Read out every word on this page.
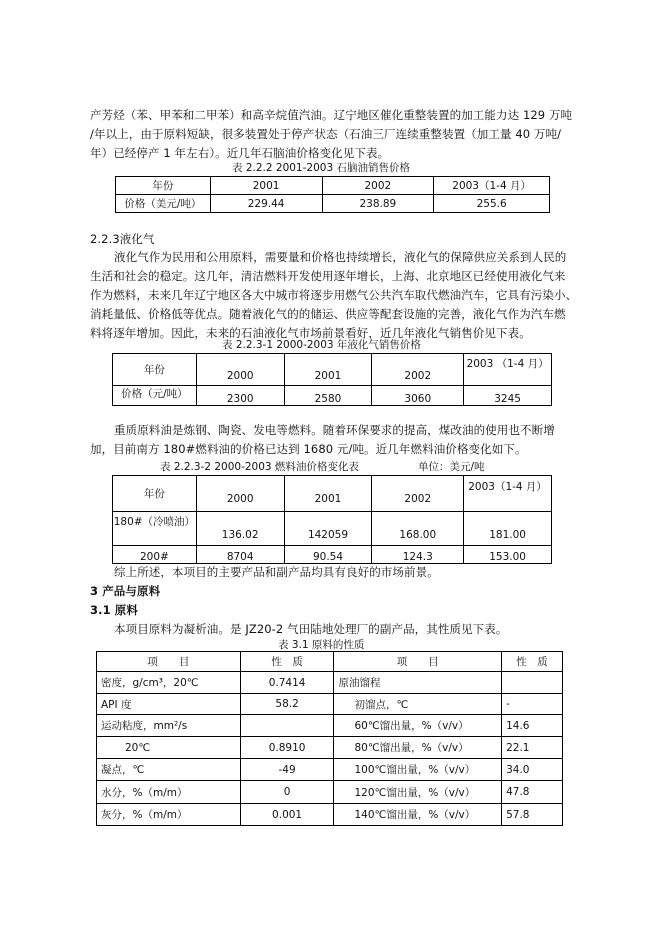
产芳烃（苯、甲苯和二甲苯）和高辛烷值汽油。辽宁地区催化重整装置的加工能力达 129 万吨
/年以上，由于原料短缺，很多装置处于停产状态（石油三厂连续重整装置（加工量 40 万吨/
年）已经停产 1 年左右）。近几年石脑油价格变化见下表。
表 2.2.2 2001-2003 石脑油销售价格
年份	2001	2002	2003（1-4 月）
价格（美元/吨）	229.44	238.89	255.6
2.2.3液化气
液化气作为民用和公用原料，需要量和价格也持续增长，液化气的保障供应关系到人民的
生活和社会的稳定。这几年，清洁燃料开发使用逐年增长，上海、北京地区已经使用液化气来
作为燃料，未来几年辽宁地区各大中城市将逐步用燃气公共汽车取代燃油汽车，它具有污染小、
消耗量低、价格低等优点。随着液化气的的储运、供应等配套设施的完善，液化气作为汽车燃
料将逐年增加。因此，未来的石油液化气市场前景看好，近几年液化气销售价见下表。
表 2.2.3-1 2000-2003 年液化气销售价格
年份	2000	2001	2002	2003 （1-4 月）
价格（元/吨）	2300	2580	3060	3245
重质原料油是炼钢、陶瓷、发电等燃料。随着环保要求的提高，煤改油的使用也不断增
加，目前南方 180#燃料油的价格已达到 1680 元/吨。近几年燃料油价格变化如下。
表 2.2.3-2 2000-2003 燃料油价格变化表	单位：美元/吨
年份	2000	2001	2002	2003（1-4 月）
180#（冷喷油）	136.02	142059	168.00	181.00
200#	8704	90.54	124.3	153.00
综上所述，本项目的主要产品和副产品均具有良好的市场前景。
3 产品与原料
3.1 原料
本项目原料为凝析油。是 JZ20-2 气田陆地处理厂的副产品，其性质见下表。
表 3.1 原料的性质
项　　目	性　质	项　　目	性　质
密度，g/cm³，20℃	0.7414	原油馏程	
API 度	58.2	初馏点，℃	-
运动粘度，mm²/s		60℃馏出量，%（v/v）	14.6
20℃	0.8910	80℃馏出量，%（v/v）	22.1
凝点，℃	-49	100℃馏出量，%（v/v）	34.0
水分，%（m/m）	0	120℃馏出量，%（v/v）	47.8
灰分，%（m/m）	0.001	140℃馏出量，%（v/v）	57.8
